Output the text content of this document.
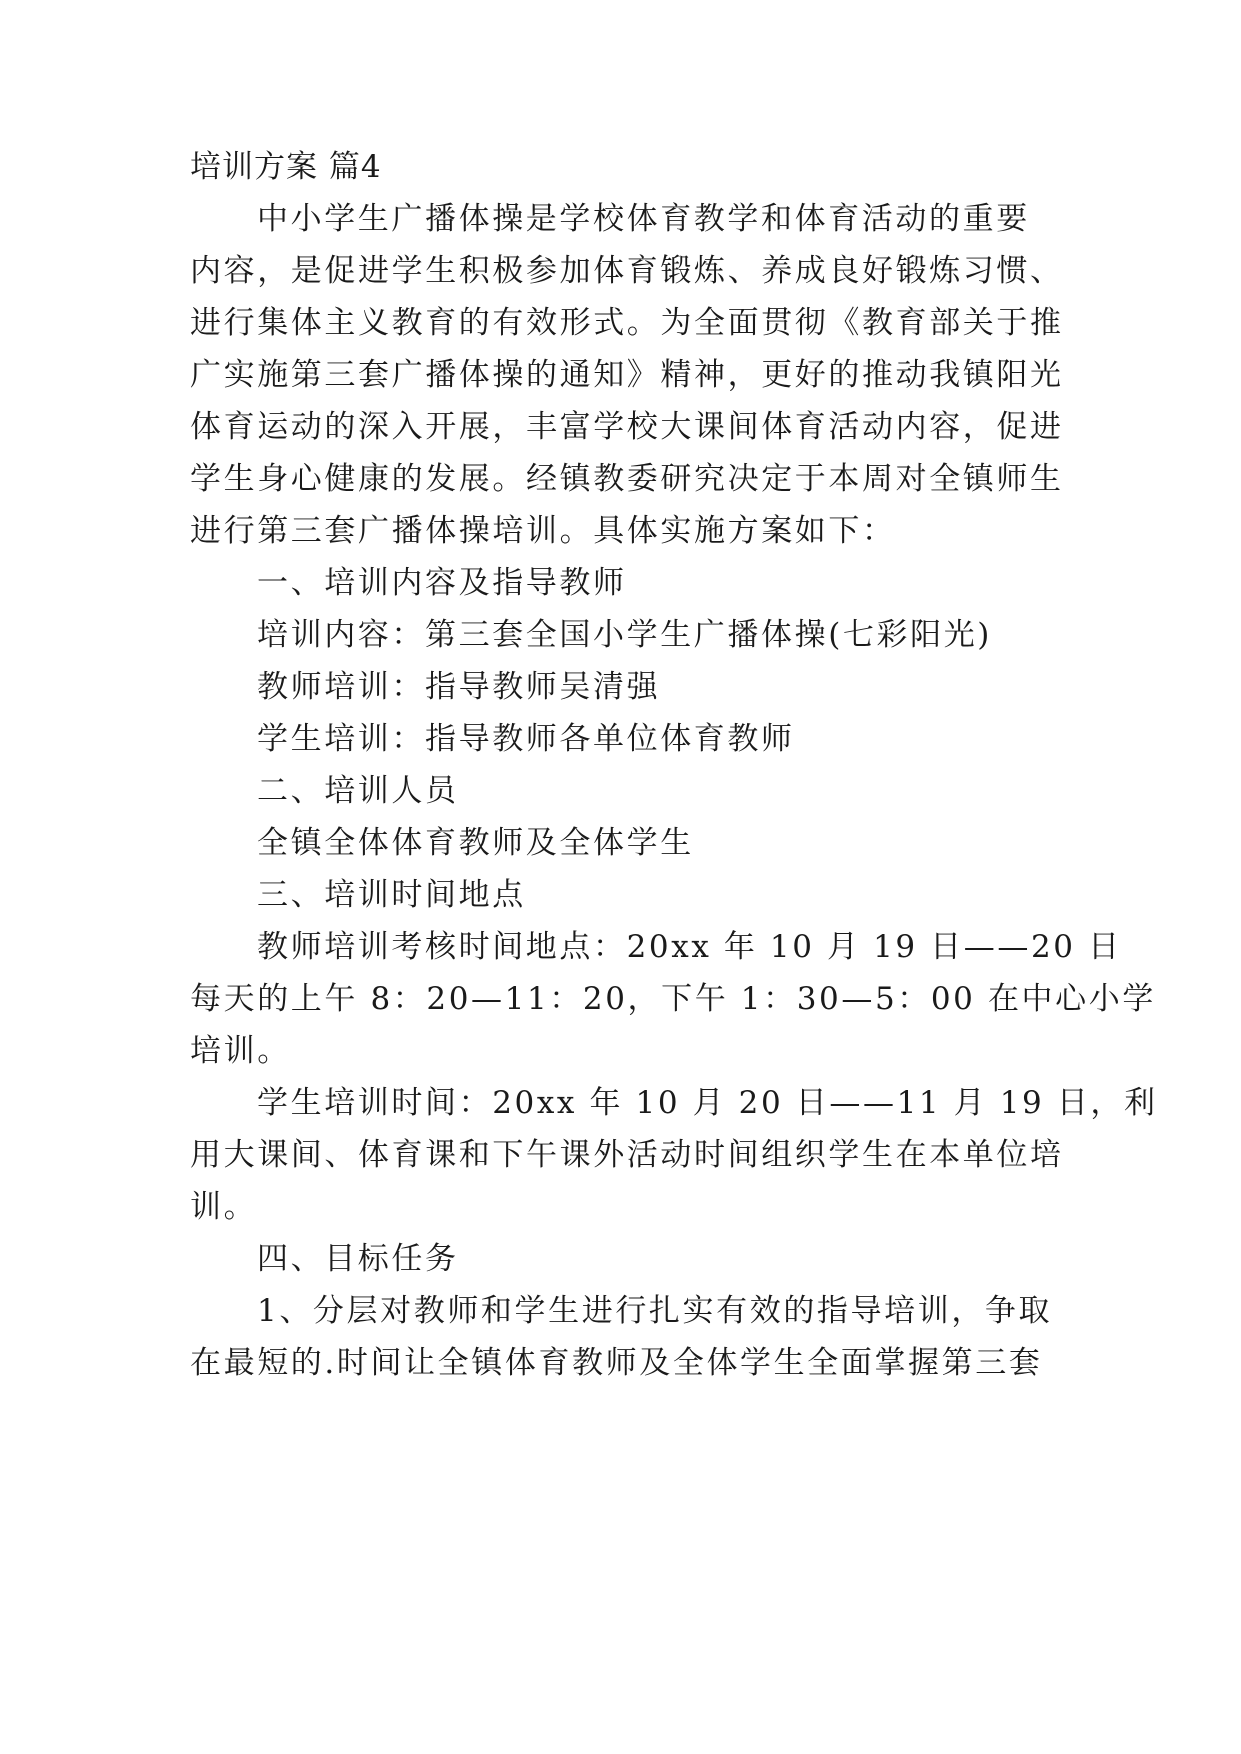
培训方案 篇4
中小学生广播体操是学校体育教学和体育活动的重要
内容，是促进学生积极参加体育锻炼、养成良好锻炼习惯、
进行集体主义教育的有效形式。为全面贯彻《教育部关于推
广实施第三套广播体操的通知》精神，更好的推动我镇阳光
体育运动的深入开展，丰富学校大课间体育活动内容，促进
学生身心健康的发展。经镇教委研究决定于本周对全镇师生
进行第三套广播体操培训。具体实施方案如下：
一、培训内容及指导教师
培训内容：第三套全国小学生广播体操(七彩阳光)
教师培训：指导教师吴清强
学生培训：指导教师各单位体育教师
二、培训人员
全镇全体体育教师及全体学生
三、培训时间地点
教师培训考核时间地点：20xx 年 10 月 19 日——20 日
每天的上午 8：20—11：20，下午 1：30—5：00 在中心小学
培训。
学生培训时间：20xx 年 10 月 20 日——11 月 19 日，利
用大课间、体育课和下午课外活动时间组织学生在本单位培
训。
四、目标任务
1、分层对教师和学生进行扎实有效的指导培训，争取
在最短的.时间让全镇体育教师及全体学生全面掌握第三套
